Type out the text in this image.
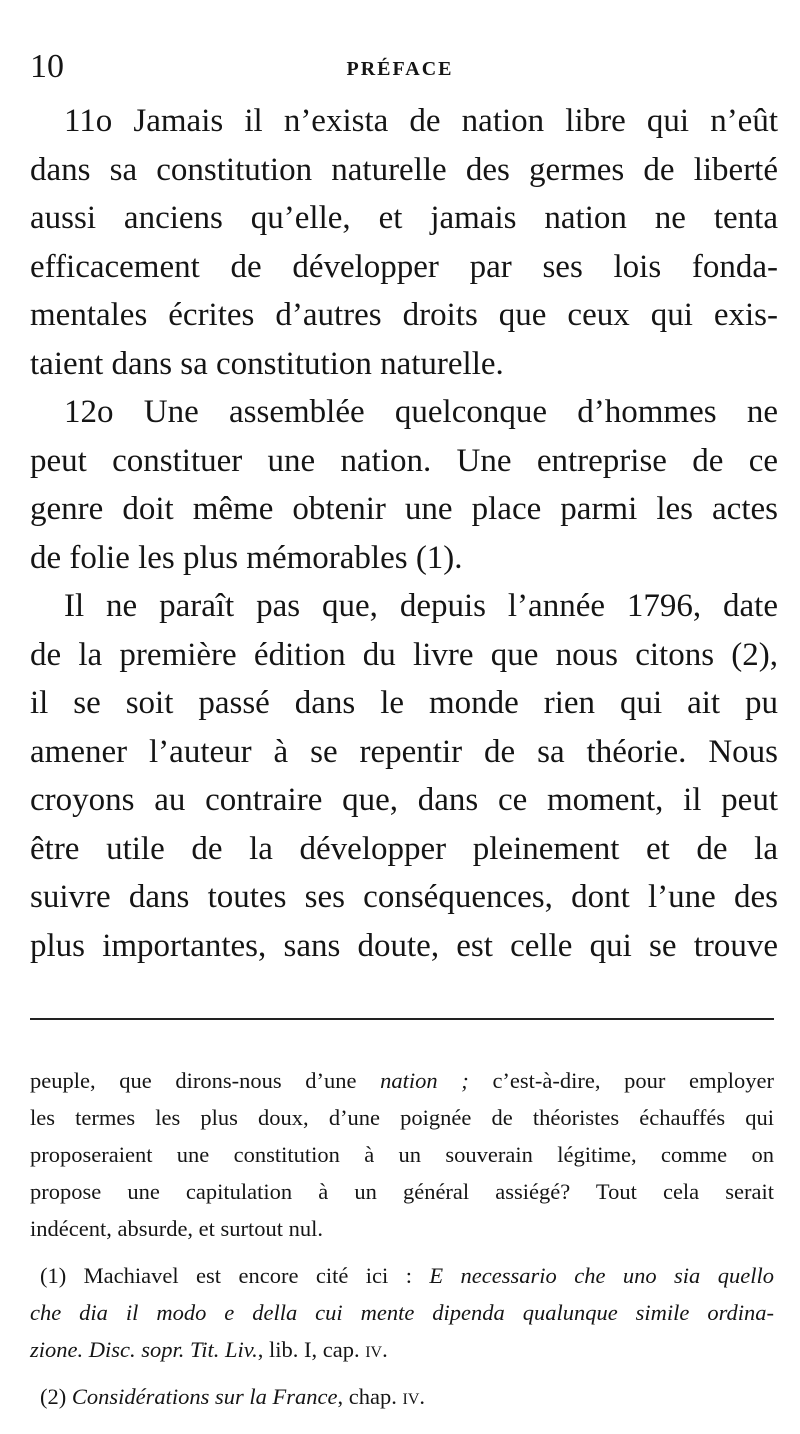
10	PRÉFACE
11o Jamais il n’exista de nation libre qui n’eût
dans sa constitution naturelle des germes de liberté
aussi anciens qu’elle, et jamais nation ne tenta
efficacement de développer par ses lois fonda-
mentales écrites d’autres droits que ceux qui exis-
taient dans sa constitution naturelle.
12o Une assemblée quelconque d’hommes ne
peut constituer une nation. Une entreprise de ce
genre doit même obtenir une place parmi les actes
de folie les plus mémorables (1).
Il ne paraît pas que, depuis l’année 1796, date
de la première édition du livre que nous citons (2),
il se soit passé dans le monde rien qui ait pu
amener l’auteur à se repentir de sa théorie. Nous
croyons au contraire que, dans ce moment, il peut
être utile de la développer pleinement et de la
suivre dans toutes ses conséquences, dont l’une des
plus importantes, sans doute, est celle qui se trouve
peuple, que dirons-nous d’une nation ; c’est-à-dire, pour employer
les termes les plus doux, d’une poignée de théoristes échauffés qui
proposeraient une constitution à un souverain légitime, comme on
propose une capitulation à un général assiégé? Tout cela serait
indécent, absurde, et surtout nul.
(1) Machiavel est encore cité ici : E necessario che uno sia quello
che dia il modo e della cui mente dipenda qualunque simile ordina-
zione. Disc. sopr. Tit. Liv., lib. I, cap. iv.
(2) Considérations sur la France, chap. iv.
